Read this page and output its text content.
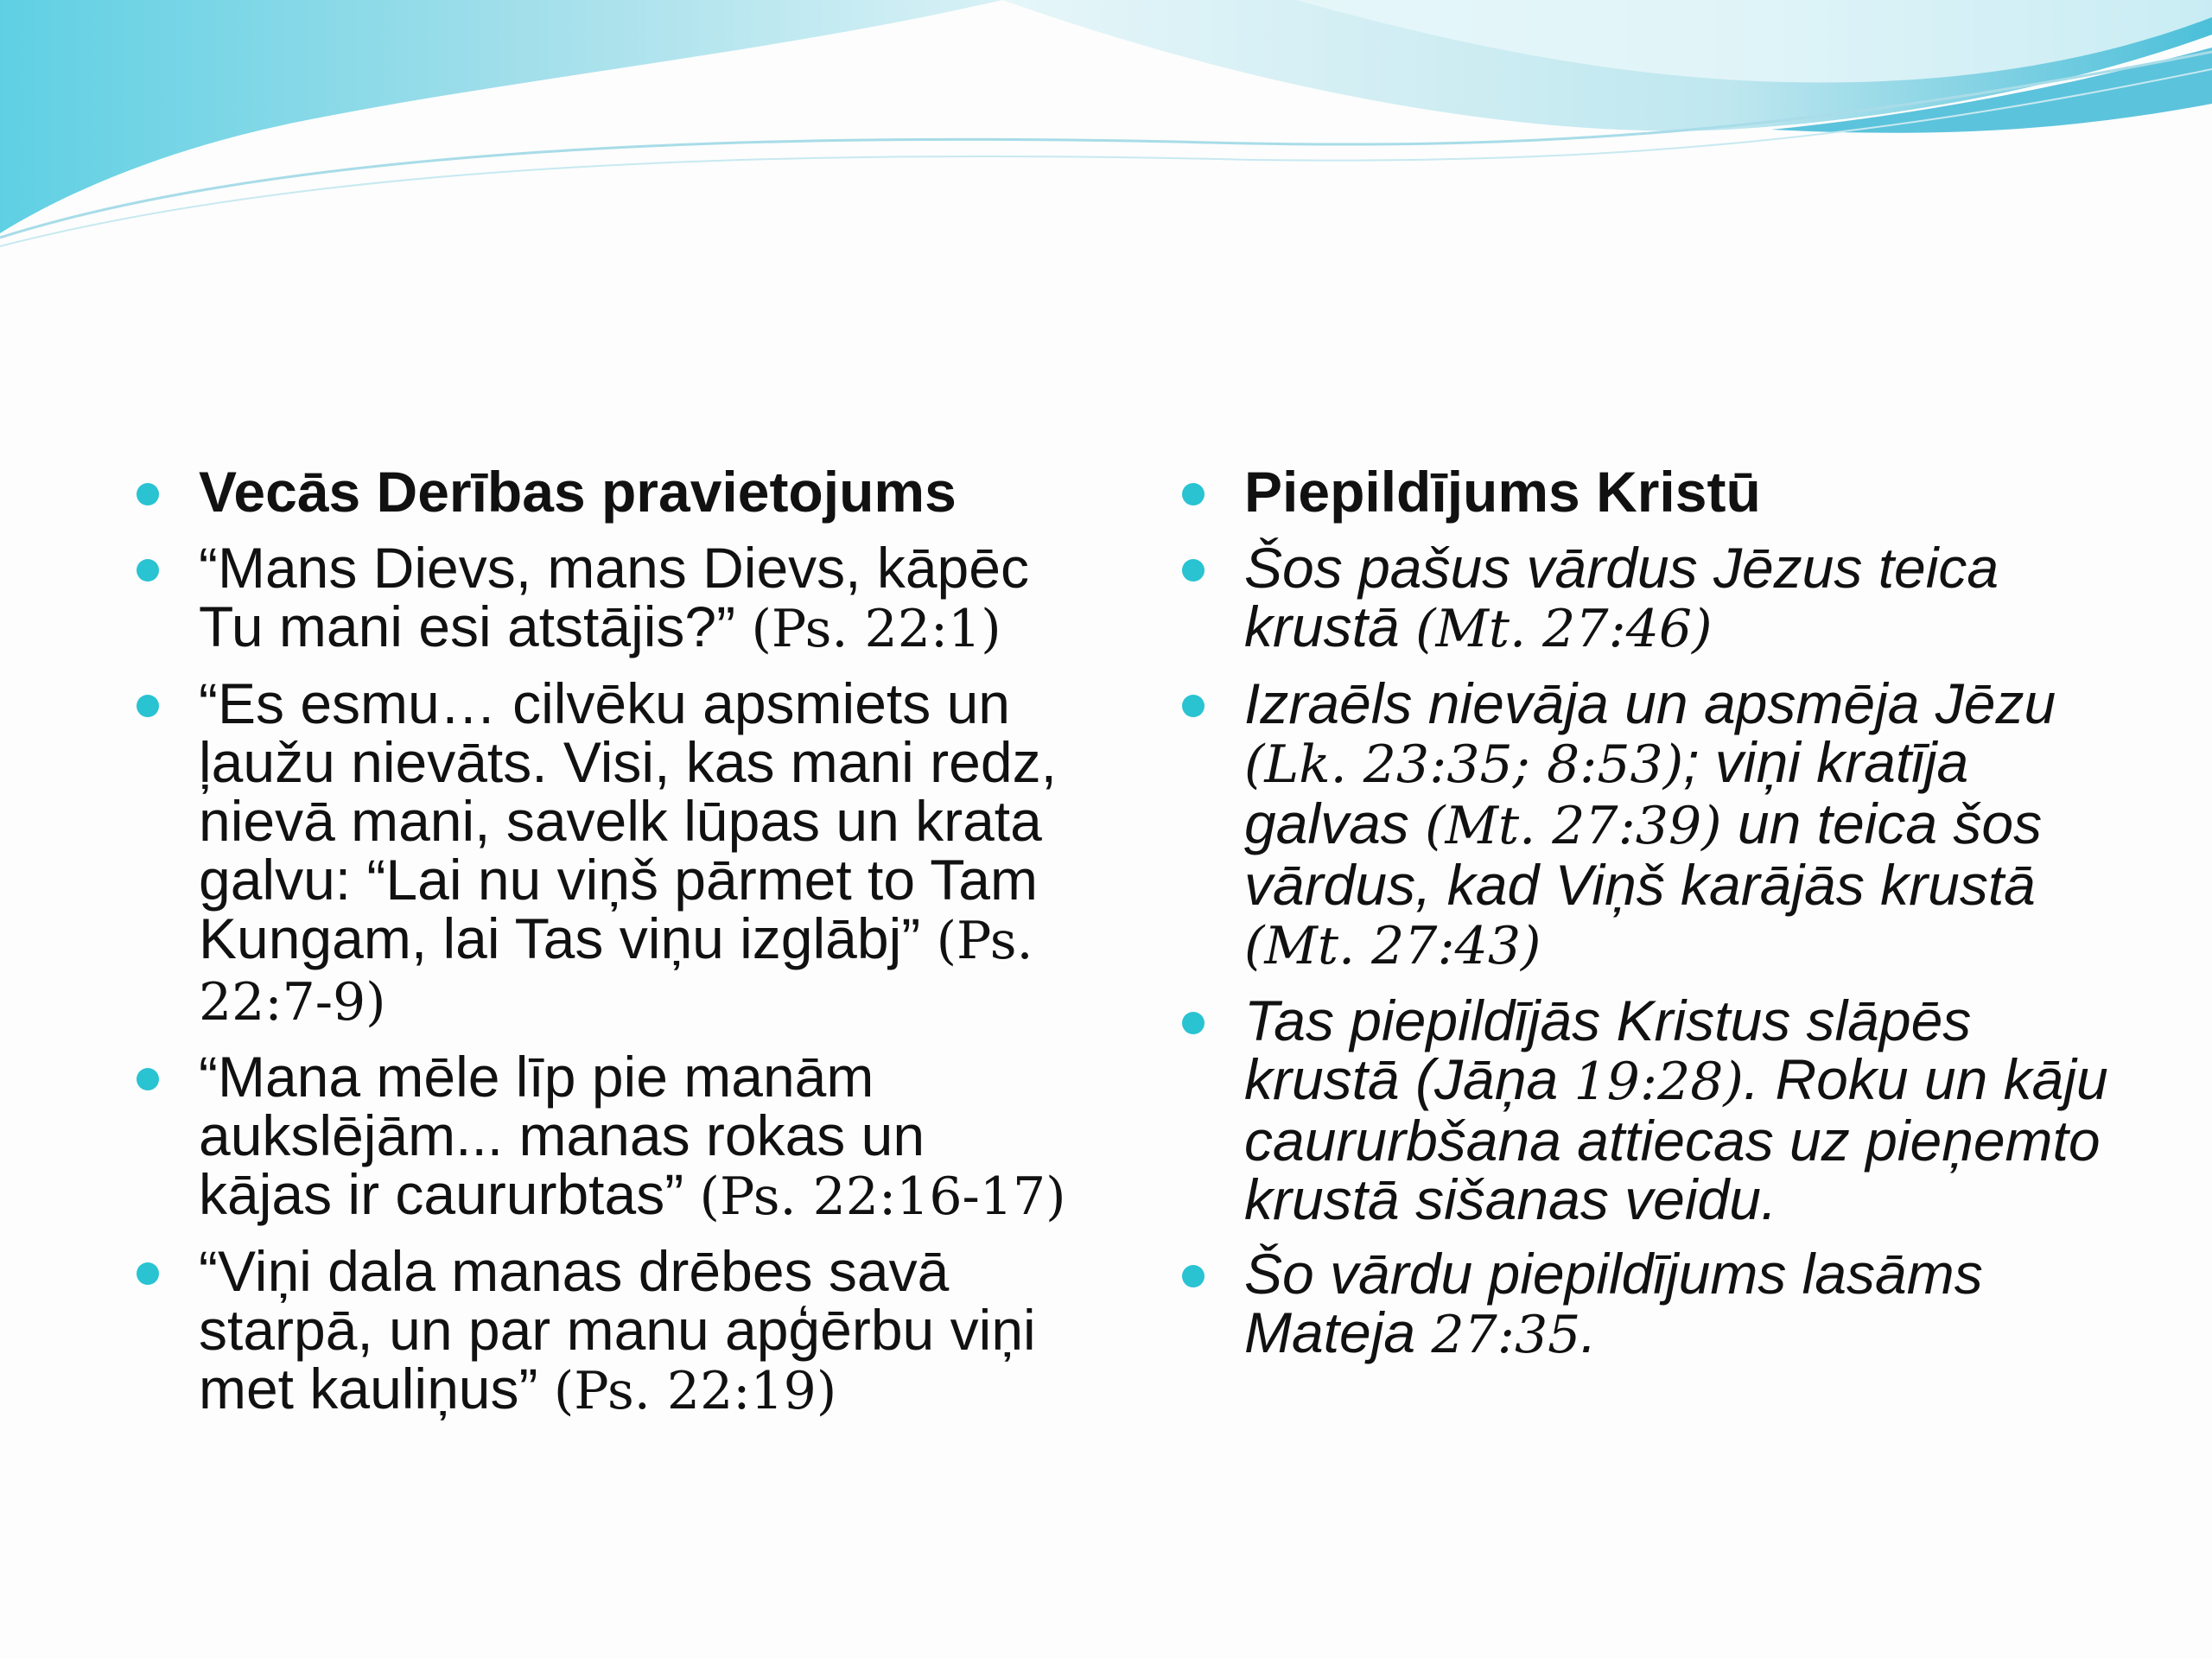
Vecās Derības pravietojums
“Mans Dievs, mans Dievs, kāpēc Tu mani esi atstājis?” (Ps. 22:1)
“Es esmu… cilvēku apsmiets un ļaužu nievāts. Visi, kas mani redz, nievā mani, savelk lūpas un krata galvu: “Lai nu viņš pārmet to Tam Kungam, lai Tas viņu izglābj” (Ps. 22:7-9)
“Mana mēle līp pie manām aukslējām... manas rokas un kājas ir caururbtas” (Ps. 22:16-17)
“Viņi dala manas drēbes savā starpā, un par manu apģērbu viņi met kauliņus” (Ps. 22:19)
Piepildījums Kristū
Šos pašus vārdus Jēzus teica krustā (Mt. 27:46)
Izraēls nievāja un apsmēja Jēzu (Lk. 23:35; 8:53); viņi kratīja galvas (Mt. 27:39) un teica šos vārdus, kad Viņš karājās krustā (Mt. 27:43)
Tas piepildījās Kristus slāpēs krustā (Jāņa 19:28). Roku un kāju caururbšana attiecas uz pieņemto krustā sišanas veidu.
Šo vārdu piepildījums lasāms Mateja 27:35.
